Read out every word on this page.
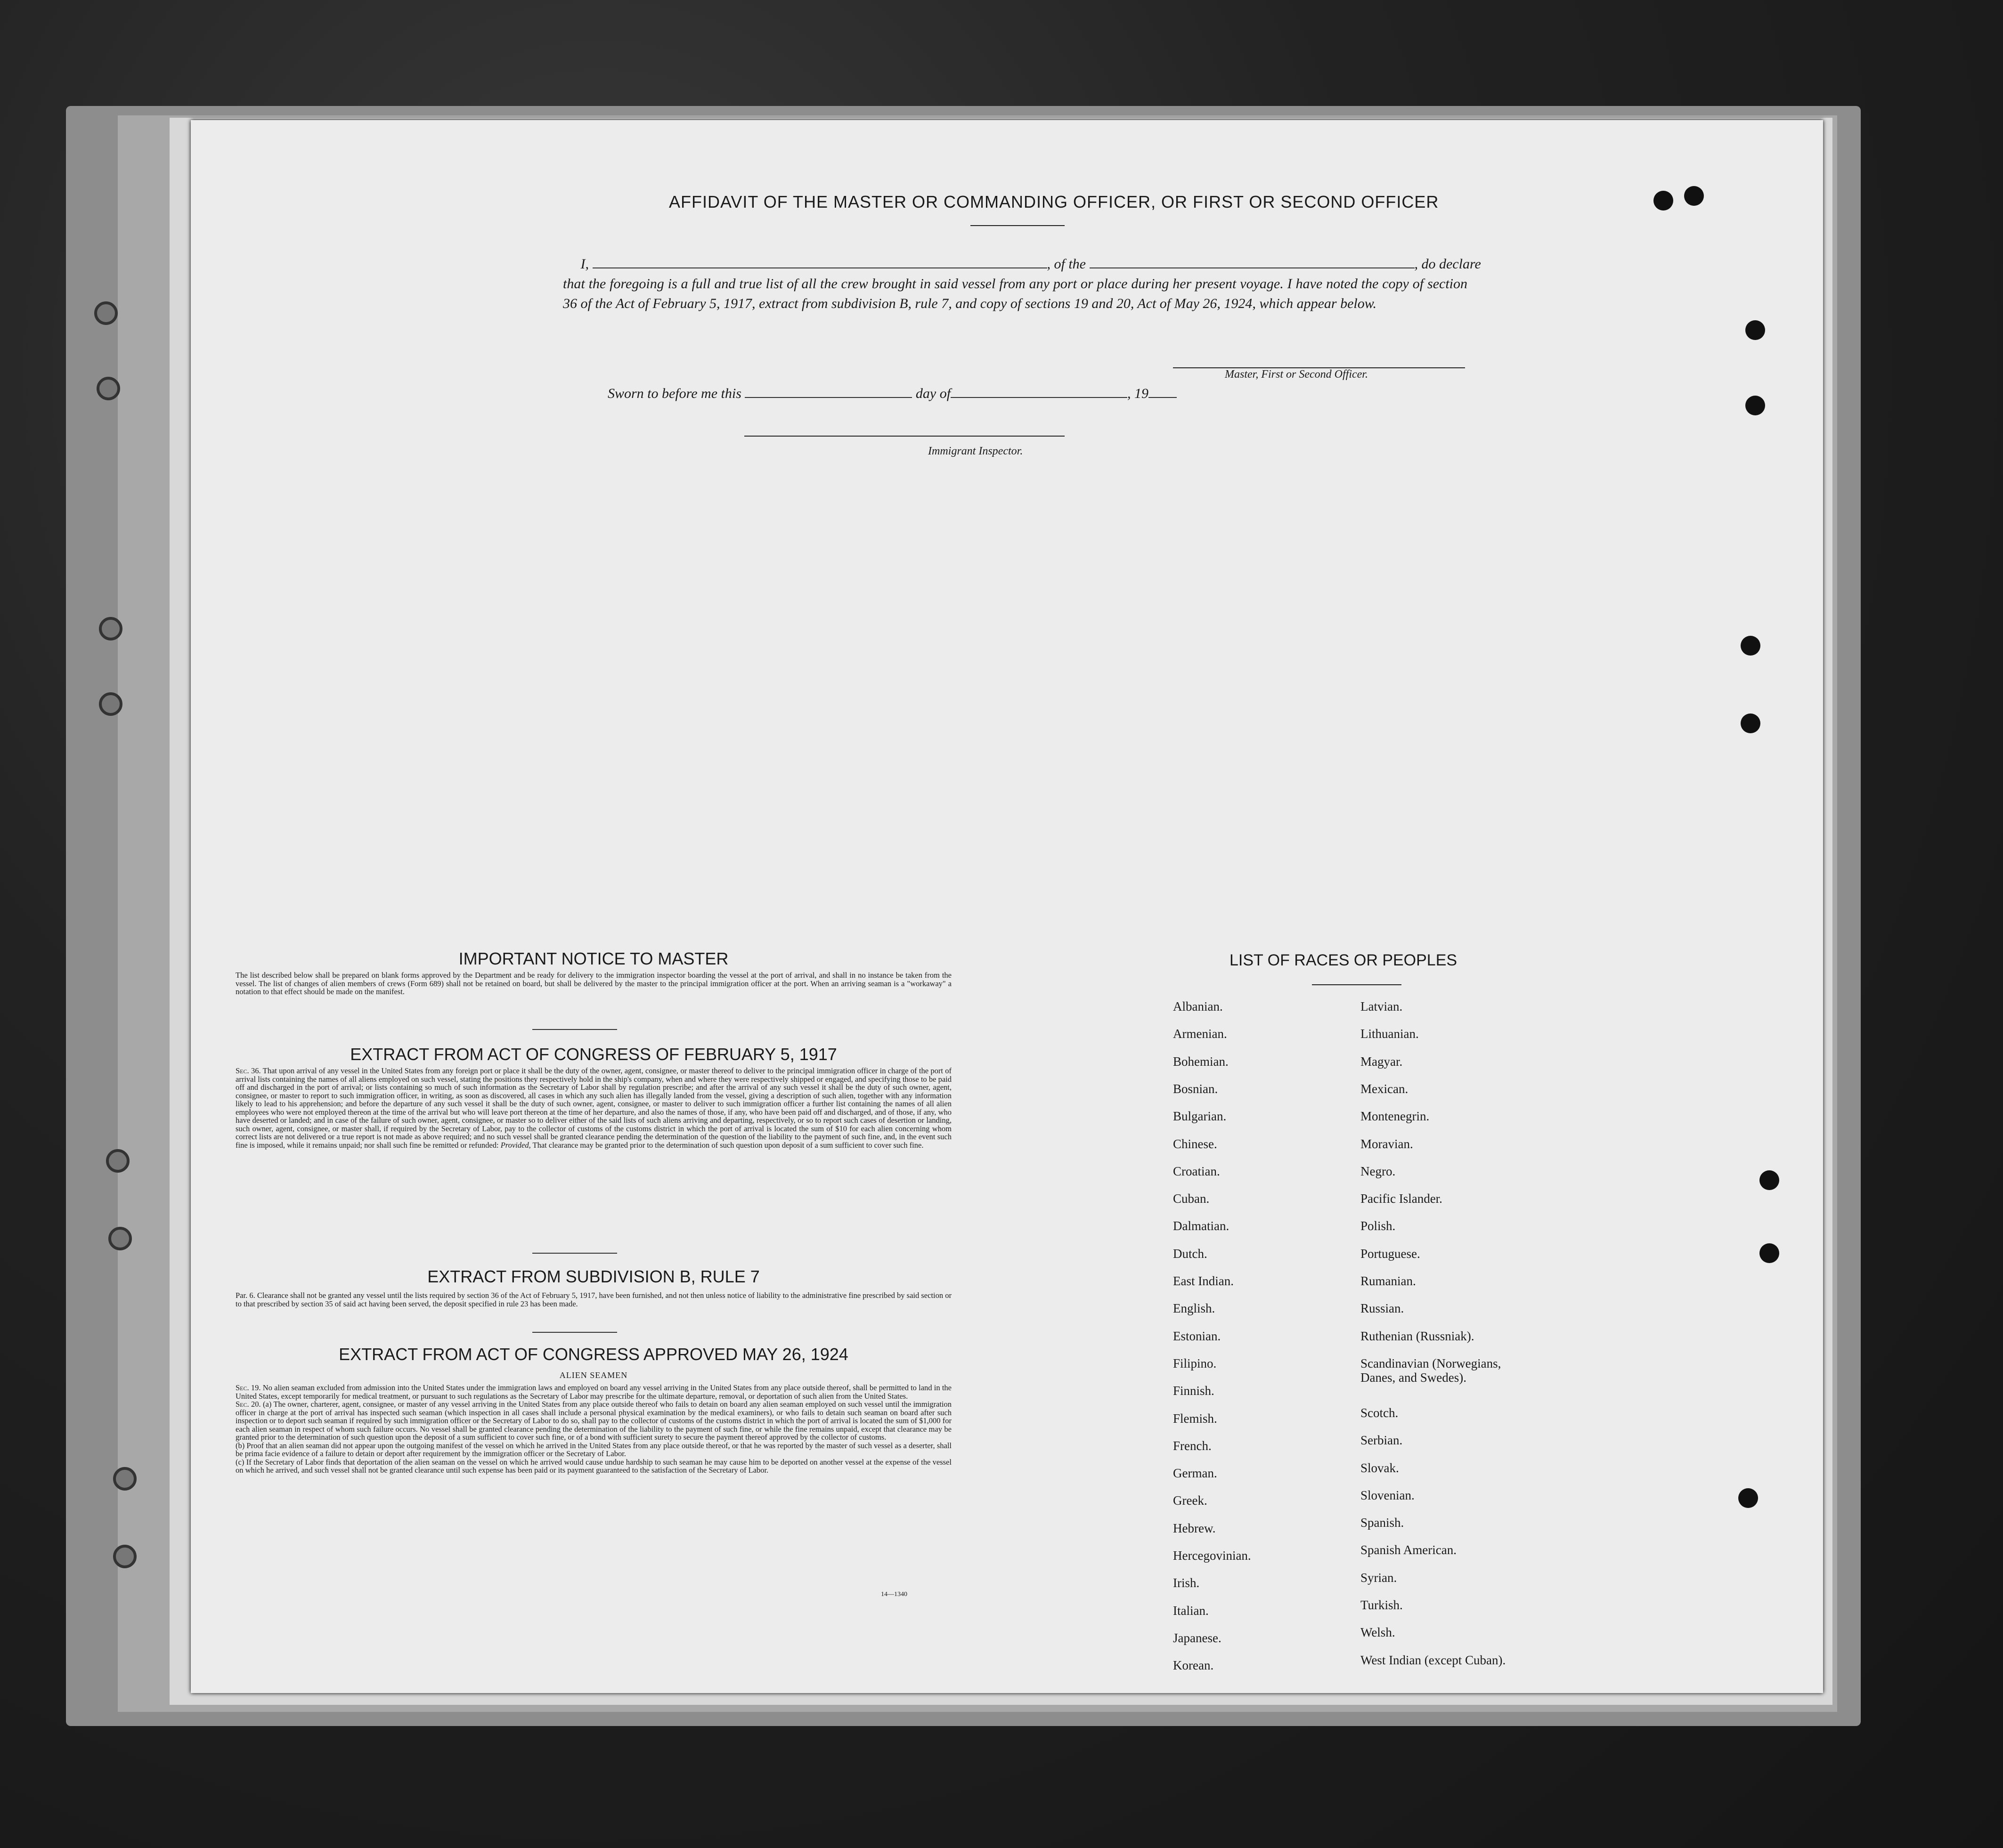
AFFIDAVIT OF THE MASTER OR COMMANDING OFFICER, OR FIRST OR SECOND OFFICER
I,	, of the	, do declare
that the foregoing is a full and true list of all the crew brought in said vessel from any port or place during her present voyage. I have noted the copy of section 36 of the Act of February 5, 1917, extract from subdivision B, rule 7, and copy of sections 19 and 20, Act of May 26, 1924, which appear below.
Master, First or Second Officer.
Sworn to before me this	day of	, 19
Immigrant Inspector.
IMPORTANT NOTICE TO MASTER
The list described below shall be prepared on blank forms approved by the Department and be ready for delivery to the immigration inspector boarding the vessel at the port of arrival, and shall in no instance be taken from the vessel. The list of changes of alien members of crews (Form 689) shall not be retained on board, but shall be delivered by the master to the principal immigration officer at the port. When an arriving seaman is a "workaway" a notation to that effect should be made on the manifest.
EXTRACT FROM ACT OF CONGRESS OF FEBRUARY 5, 1917
Sec. 36. That upon arrival of any vessel in the United States from any foreign port or place it shall be the duty of the owner, agent, consignee, or master thereof to deliver to the principal immigration officer in charge of the port of arrival lists containing the names of all aliens employed on such vessel, stating the positions they respectively hold in the ship's company, when and where they were respectively shipped or engaged, and specifying those to be paid off and discharged in the port of arrival; or lists containing so much of such information as the Secretary of Labor shall by regulation prescribe; and after the arrival of any such vessel it shall be the duty of such owner, agent, consignee, or master to report to such immigration officer, in writing, as soon as discovered, all cases in which any such alien has illegally landed from the vessel, giving a description of such alien, together with any information likely to lead to his apprehension; and before the departure of any such vessel it shall be the duty of such owner, agent, consignee, or master to deliver to such immigration officer a further list containing the names of all alien employees who were not employed thereon at the time of the arrival but who will leave port thereon at the time of her departure, and also the names of those, if any, who have been paid off and discharged, and of those, if any, who have deserted or landed; and in case of the failure of such owner, agent, consignee, or master so to deliver either of the said lists of such aliens arriving and departing, respectively, or so to report such cases of desertion or landing, such owner, agent, consignee, or master shall, if required by the Secretary of Labor, pay to the collector of customs of the customs district in which the port of arrival is located the sum of $10 for each alien concerning whom correct lists are not delivered or a true report is not made as above required; and no such vessel shall be granted clearance pending the determination of the question of the liability to the payment of such fine, and, in the event such fine is imposed, while it remains unpaid; nor shall such fine be remitted or refunded: Provided, That clearance may be granted prior to the determination of such question upon deposit of a sum sufficient to cover such fine.
EXTRACT FROM SUBDIVISION B, RULE 7
Par. 6. Clearance shall not be granted any vessel until the lists required by section 36 of the Act of February 5, 1917, have been furnished, and not then unless notice of liability to the administrative fine prescribed by said section or to that prescribed by section 35 of said act having been served, the deposit specified in rule 23 has been made.
EXTRACT FROM ACT OF CONGRESS APPROVED MAY 26, 1924
ALIEN SEAMEN
Sec. 19. No alien seaman excluded from admission into the United States under the immigration laws and employed on board any vessel arriving in the United States from any place outside thereof, shall be permitted to land in the United States, except temporarily for medical treatment, or pursuant to such regulations as the Secretary of Labor may prescribe for the ultimate departure, removal, or deportation of such alien from the United States.
Sec. 20. (a) The owner, charterer, agent, consignee, or master of any vessel arriving in the United States from any place outside thereof who fails to detain on board any alien seaman employed on such vessel until the immigration officer in charge at the port of arrival has inspected such seaman (which inspection in all cases shall include a personal physical examination by the medical examiners), or who fails to detain such seaman on board after such inspection or to deport such seaman if required by such immigration officer or the Secretary of Labor to do so, shall pay to the collector of customs of the customs district in which the port of arrival is located the sum of $1,000 for each alien seaman in respect of whom such failure occurs. No vessel shall be granted clearance pending the determination of the liability to the payment of such fine, or while the fine remains unpaid, except that clearance may be granted prior to the determination of such question upon the deposit of a sum sufficient to cover such fine, or of a bond with sufficient surety to secure the payment thereof approved by the collector of customs.
(b) Proof that an alien seaman did not appear upon the outgoing manifest of the vessel on which he arrived in the United States from any place outside thereof, or that he was reported by the master of such vessel as a deserter, shall be prima facie evidence of a failure to detain or deport after requirement by the immigration officer or the Secretary of Labor.
(c) If the Secretary of Labor finds that deportation of the alien seaman on the vessel on which he arrived would cause undue hardship to such seaman he may cause him to be deported on another vessel at the expense of the vessel on which he arrived, and such vessel shall not be granted clearance until such expense has been paid or its payment guaranteed to the satisfaction of the Secretary of Labor.
14—1340
LIST OF RACES OR PEOPLES
Albanian.
Armenian.
Bohemian.
Bosnian.
Bulgarian.
Chinese.
Croatian.
Cuban.
Dalmatian.
Dutch.
East Indian.
English.
Estonian.
Filipino.
Finnish.
Flemish.
French.
German.
Greek.
Hebrew.
Hercegovinian.
Irish.
Italian.
Japanese.
Korean.
Latvian.
Lithuanian.
Magyar.
Mexican.
Montenegrin.
Moravian.
Negro.
Pacific Islander.
Polish.
Portuguese.
Rumanian.
Russian.
Ruthenian (Russniak).
Scandinavian (Norwegians, Danes, and Swedes).
Scotch.
Serbian.
Slovak.
Slovenian.
Spanish.
Spanish American.
Syrian.
Turkish.
Welsh.
West Indian (except Cuban).
